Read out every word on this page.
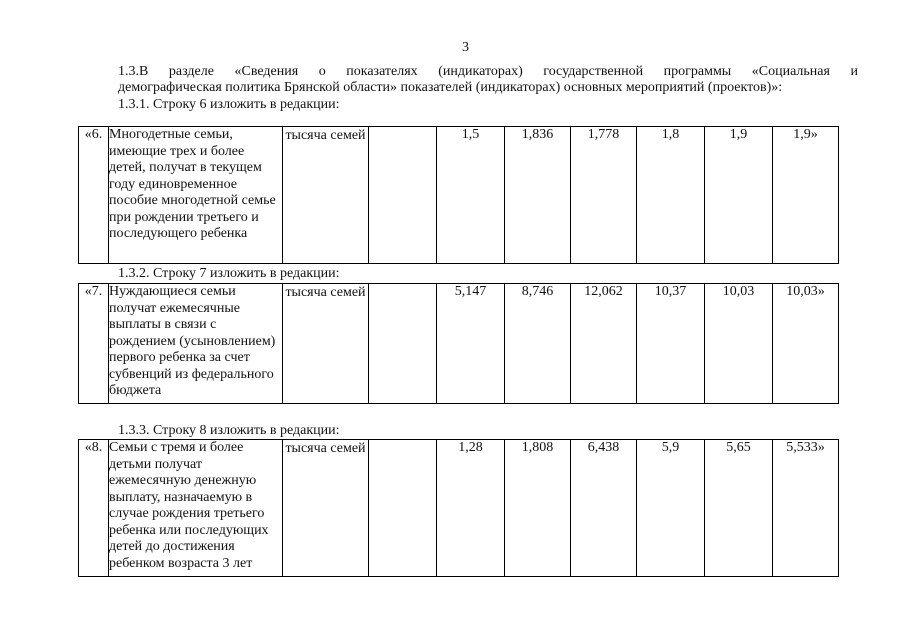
3
1.3.В разделе «Сведения о показателях (индикаторах) государственной программы «Социальная и
демографическая политика Брянской области» показателей (индикаторах) основных мероприятий (проектов)»:
1.3.1. Строку 6 изложить в редакции:
«6.	Многодетные семьи, имеющие трех и более детей, получат в текущем году единовременное пособие многодетной семье при рождении третьего и последующего ребенка	тысяча семей		1,5	1,836	1,778	1,8	1,9	1,9»
1.3.2. Строку 7 изложить в редакции:
«7.	Нуждающиеся семьи получат ежемесячные выплаты в связи с рождением (усыновлением) первого ребенка за счет субвенций из федерального бюджета	тысяча семей		5,147	8,746	12,062	10,37	10,03	10,03»
1.3.3. Строку 8 изложить в редакции:
«8.	Семьи с тремя и более детьми получат ежемесячную денежную выплату, назначаемую в случае рождения третьего ребенка или последующих детей до достижения ребенком возраста 3 лет	тысяча семей		1,28	1,808	6,438	5,9	5,65	5,533»
